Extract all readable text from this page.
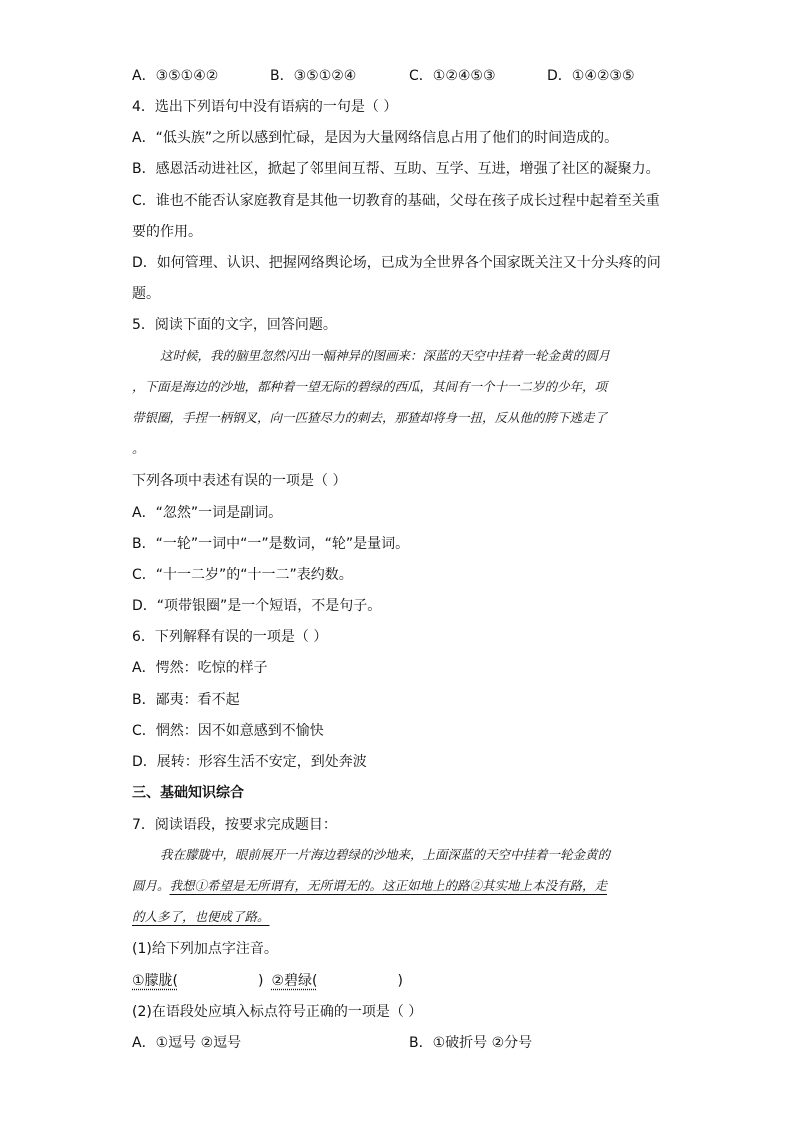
A．③⑤①④②	B．③⑤①②④	C．①②④⑤③	D．①④②③⑤
4．选出下列语句中没有语病的一句是（ ）
A．“低头族”之所以感到忙碌，是因为大量网络信息占用了他们的时间造成的。
B．感恩活动进社区，掀起了邻里间互帮、互助、互学、互进，增强了社区的凝聚力。
C．谁也不能否认家庭教育是其他一切教育的基础，父母在孩子成长过程中起着至关重
要的作用。
D．如何管理、认识、把握网络舆论场，已成为全世界各个国家既关注又十分头疼的问
题。
5．阅读下面的文字，回答问题。
这时候，我的脑里忽然闪出一幅神异的图画来：深蓝的天空中挂着一轮金黄的圆月
，下面是海边的沙地，都种着一望无际的碧绿的西瓜，其间有一个十一二岁的少年，项
带银圈，手捏一柄钢叉，向一匹猹尽力的刺去，那猹却将身一扭，反从他的胯下逃走了
。
下列各项中表述有误的一项是（ ）
A．“忽然”一词是副词。
B．“一轮”一词中“一”是数词，“轮”是量词。
C．“十一二岁”的“十一二”表约数。
D．“项带银圈”是一个短语，不是句子。
6．下列解释有误的一项是（ ）
A．愕然：吃惊的样子
B．鄙夷：看不起
C．惘然：因不如意感到不愉快
D．展转：形容生活不安定，到处奔波
三、基础知识综合
7．阅读语段，按要求完成题目：
我在朦胧中，眼前展开一片海边碧绿的沙地来，上面深蓝的天空中挂着一轮金黄的
圆月。我想①希望是无所谓有，无所谓无的。这正如地上的路②其实地上本没有路，走
的人多了，也便成了路。
(1)给下列加点字注音。
①朦胧(	) ②碧绿(	)
(2)在语段处应填入标点符号正确的一项是（ ）
A．①逗号 ②逗号	B．①破折号 ②分号
